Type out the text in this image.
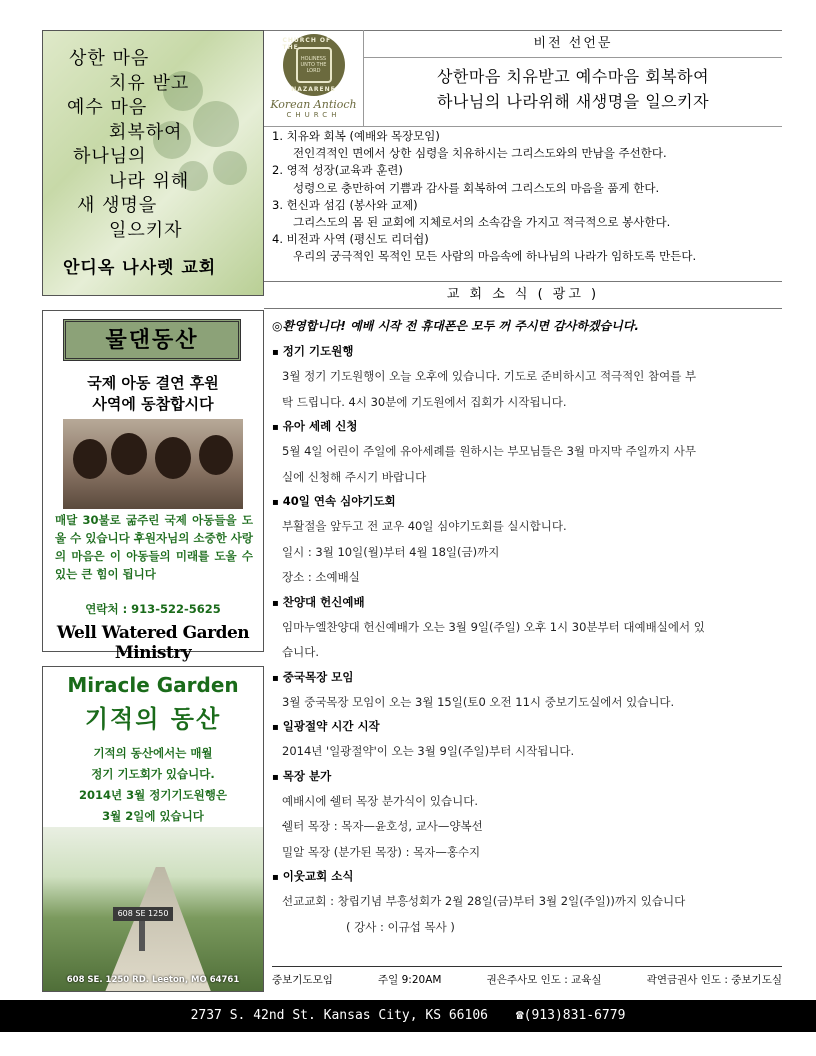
상한 마음
치유 받고
예수 마음
회복하여
하나님의
나라 위해
새 생명을
일으키자
안디옥 나사렛 교회
CHURCH OF THE
HOLINESS UNTO THE LORD
NAZARENE
Korean Antioch
CHURCH
비전 선언문
상한마음 치유받고 예수마음 회복하여
하나님의 나라위해 새생명을 일으키자
1. 치유와 회복 (예배와 목장모임)
전인격적인 면에서 상한 심령을 치유하시는 그리스도와의 만남을 주선한다.
2. 영적 성장(교육과 훈련)
성령으로 충만하여 기쁨과 감사를 회복하여 그리스도의 마음을 품게 한다.
3. 헌신과 섬김 (봉사와 교제)
그리스도의 몸 된 교회에 지체로서의 소속감을 가지고 적극적으로 봉사한다.
4. 비전과 사역 (평신도 리더쉽)
우리의 궁극적인 목적인 모든 사람의 마음속에 하나님의 나라가 임하도록 만든다.
교 회 소 식 ( 광고 )
◎환영합니다! 예배 시작 전 휴대폰은 모두 꺼 주시면 감사하겠습니다.
▪ 정기 기도원행
3월 정기 기도원행이 오늘 오후에 있습니다. 기도로 준비하시고 적극적인 참여를 부
탁 드립니다. 4시 30분에 기도원에서 집회가 시작됩니다.
▪ 유아 세례 신청
5월 4일 어린이 주일에 유아세례를 원하시는 부모님들은 3월 마지막 주일까지 사무
실에 신청해 주시기 바랍니다
▪ 40일 연속 심야기도회
부활절을 앞두고 전 교우 40일 심야기도회를 실시합니다.
일시 : 3월 10일(월)부터 4월 18일(금)까지
장소 : 소예배실
▪ 찬양대 헌신예배
임마누엘찬양대 헌신예배가 오는 3월 9일(주일) 오후 1시 30분부터 대예배실에서 있
습니다.
▪ 중국목장 모임
3월 중국목장 모임이 오는 3월 15일(토0 오전 11시 중보기도실에서 있습니다.
▪ 일광절약 시간 시작
2014년 '일광절약'이 오는 3월 9일(주일)부터 시작됩니다.
▪ 목장 분가
예배시에 쉘터 목장 분가식이 있습니다.
쉘터 목장 : 목자—윤호성, 교사—양복선
밀알 목장 (분가된 목장) : 목자—홍수지
▪ 이웃교회 소식
선교교회 : 창립기념 부흥성회가 2월 28일(금)부터 3월 2일(주일))까지 있습니다
( 강사 : 이규섭 목사 )
중보기도모임	주일 9:20AM	권은주사모 인도 : 교육실	곽연금권사 인도 : 중보기도실
물댄동산
국제 아동 결연 후원
사역에 동참합시다
매달 30불로 굶주린 국제 아동들을 도울 수 있습니다 후원자님의 소중한 사랑의 마음은 이 아동들의 미래를 도울 수 있는 큰 힘이 됩니다
연락처 : 913-522-5625
Well Watered Garden Ministry
Miracle Garden
기적의 동산
기적의 동산에서는 매월
정기 기도회가 있습니다.
2014년 3월 정기기도원행은
3월 2일에 있습니다
608 SE 1250
608 SE. 1250 RD. Leeton, MO 64761
2737 S. 42nd St. Kansas City, KS 66106 ☎(913)831-6779
